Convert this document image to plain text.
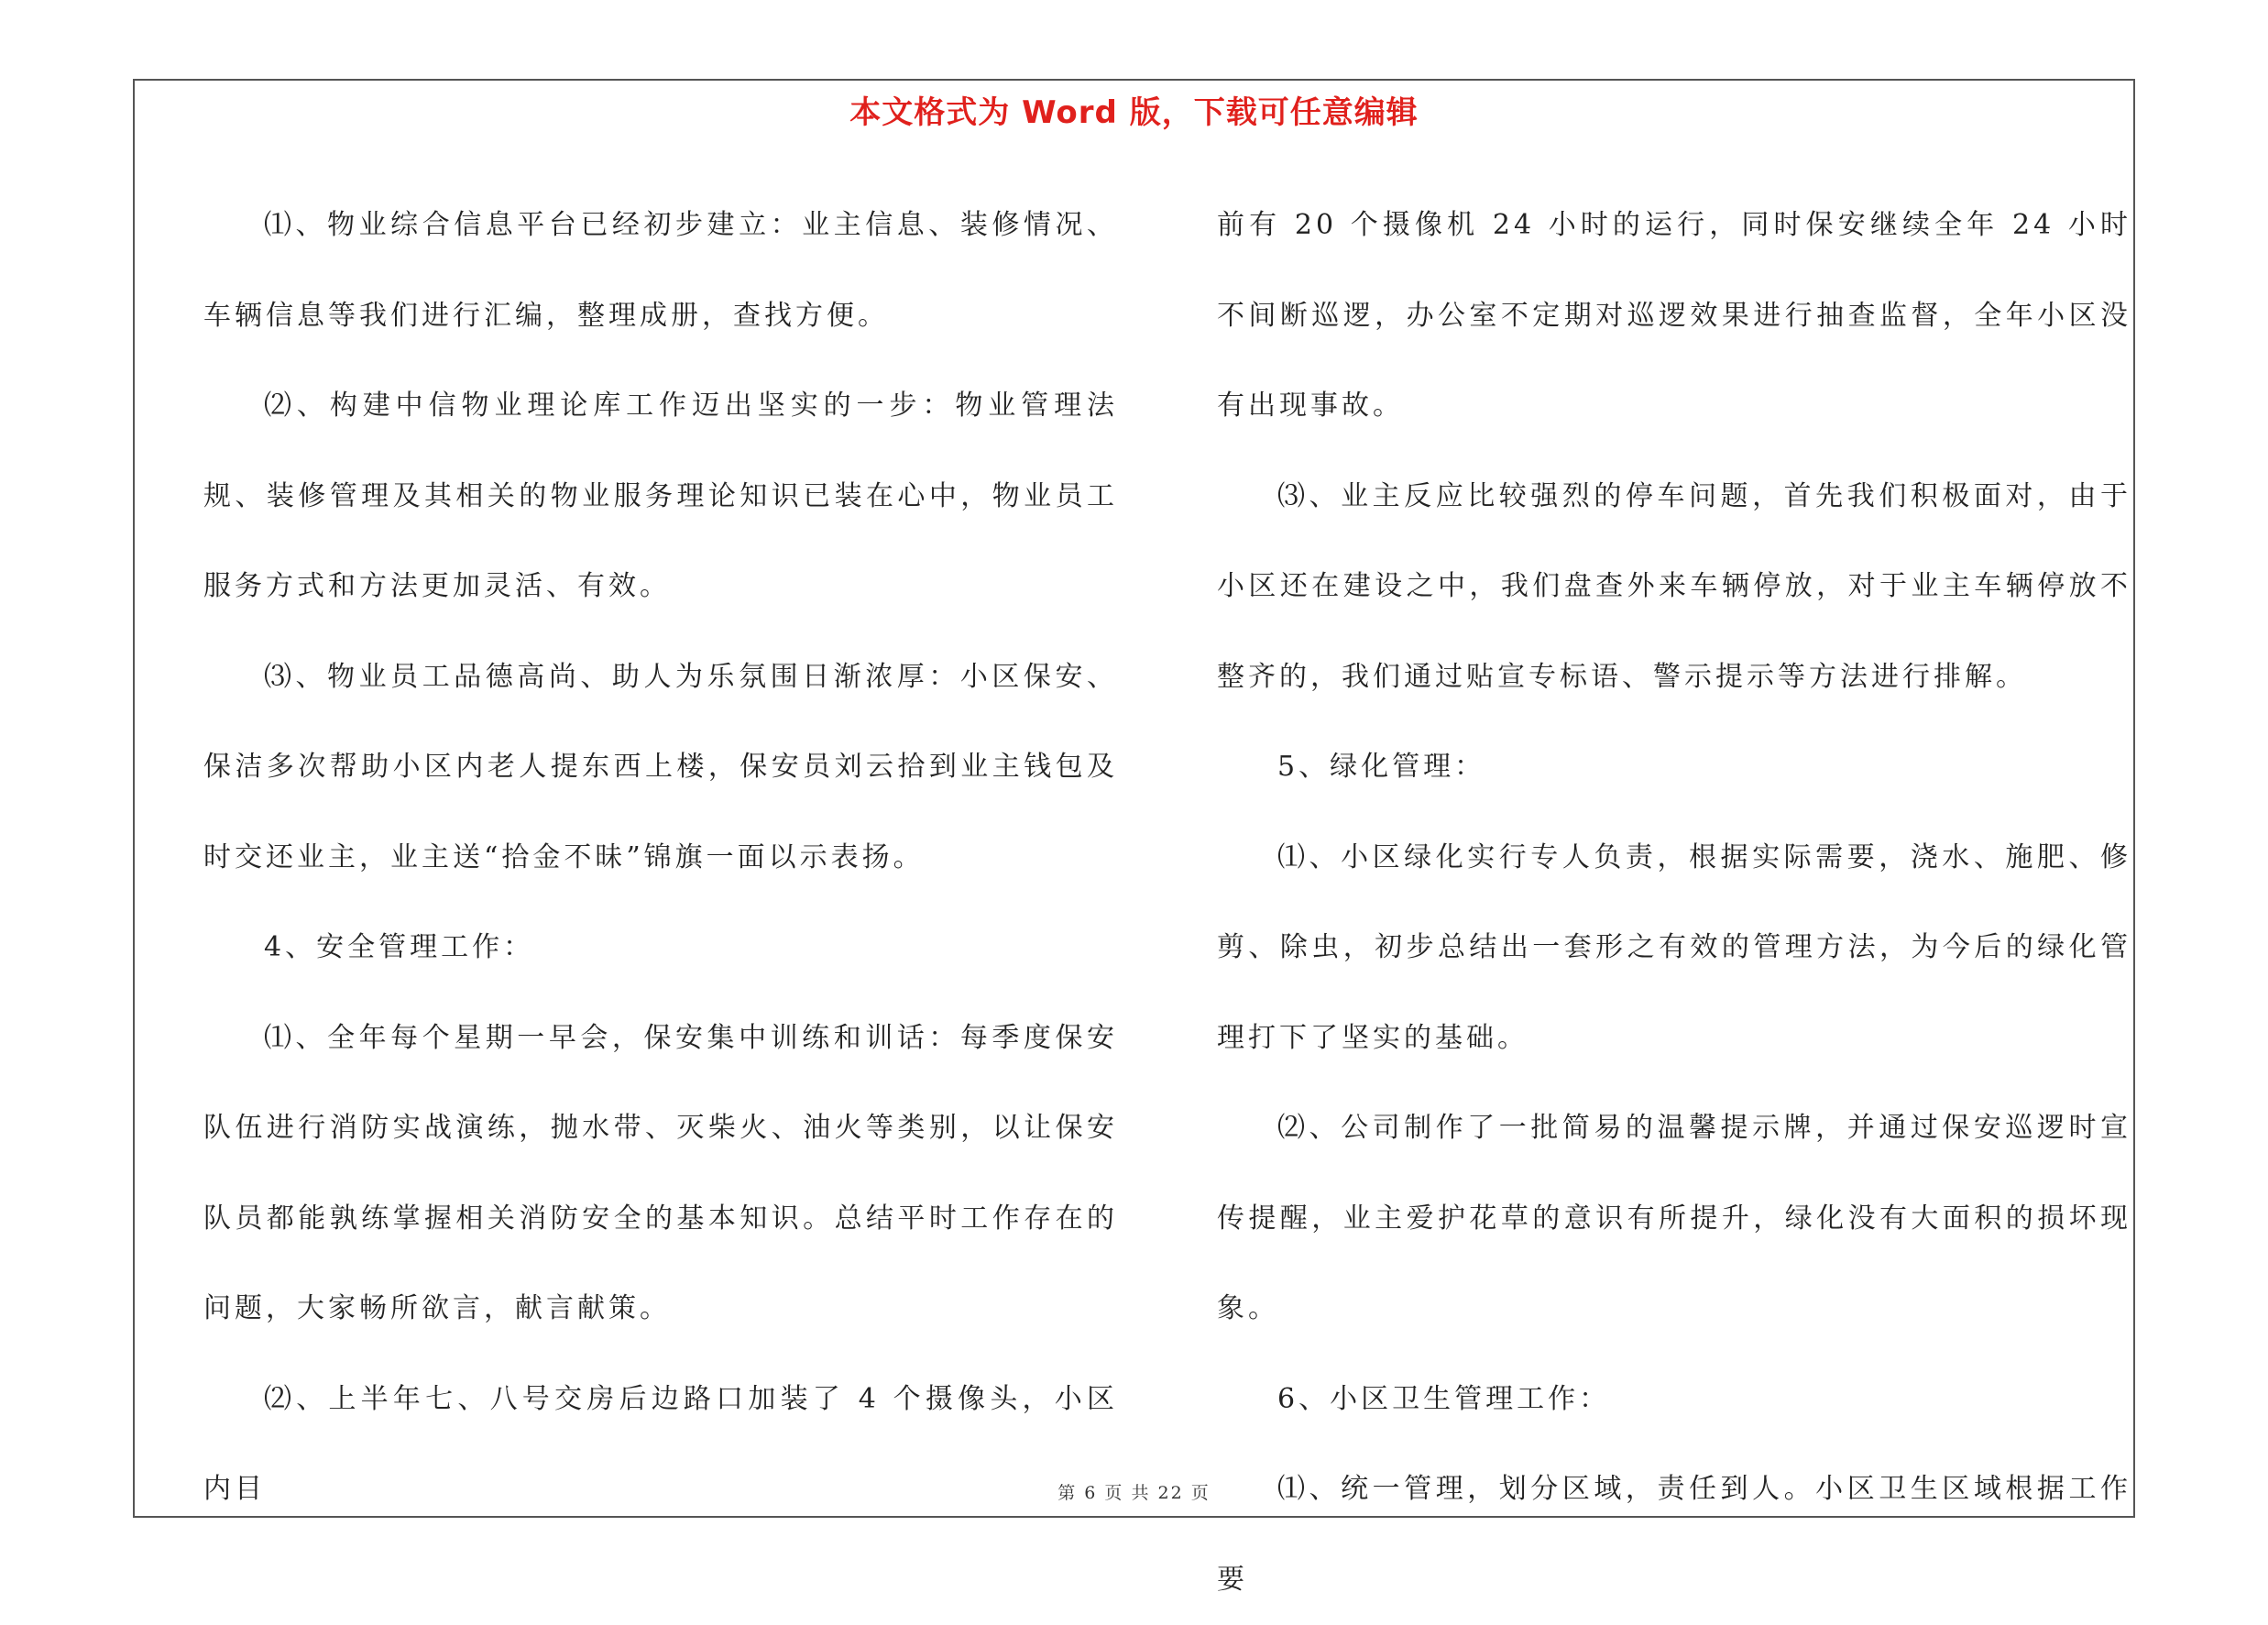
本文格式为 Word 版，下载可任意编辑

⑴、物业综合信息平台已经初步建立：业主信息、装修情况、车辆信息等我们进行汇编，整理成册，查找方便。

⑵、构建中信物业理论库工作迈出坚实的一步：物业管理法规、装修管理及其相关的物业服务理论知识已装在心中，物业员工服务方式和方法更加灵活、有效。

⑶、物业员工品德高尚、助人为乐氛围日渐浓厚：小区保安、保洁多次帮助小区内老人提东西上楼，保安员刘云拾到业主钱包及时交还业主，业主送“拾金不昧”锦旗一面以示表扬。

4、安全管理工作：

⑴、全年每个星期一早会，保安集中训练和训话：每季度保安队伍进行消防实战演练，抛水带、灭柴火、油火等类别，以让保安队员都能孰练掌握相关消防安全的基本知识。总结平时工作存在的问题，大家畅所欲言，献言献策。

⑵、上半年七、八号交房后边路口加装了 4 个摄像头，小区内目

前有 20 个摄像机 24 小时的运行，同时保安继续全年 24 小时不间断巡逻，办公室不定期对巡逻效果进行抽查监督，全年小区没有出现事故。

⑶、业主反应比较强烈的停车问题，首先我们积极面对，由于小区还在建设之中，我们盘查外来车辆停放，对于业主车辆停放不整齐的，我们通过贴宣专标语、警示提示等方法进行排解。

5、绿化管理：

⑴、小区绿化实行专人负责，根据实际需要，浇水、施肥、修剪、除虫，初步总结出一套形之有效的管理方法，为今后的绿化管理打下了坚实的基础。

⑵、公司制作了一批简易的温馨提示牌，并通过保安巡逻时宣传提醒，业主爱护花草的意识有所提升，绿化没有大面积的损坏现象。

6、小区卫生管理工作：

⑴、统一管理，划分区域，责任到人。小区卫生区域根据工作要

第 6 页 共 22 页
